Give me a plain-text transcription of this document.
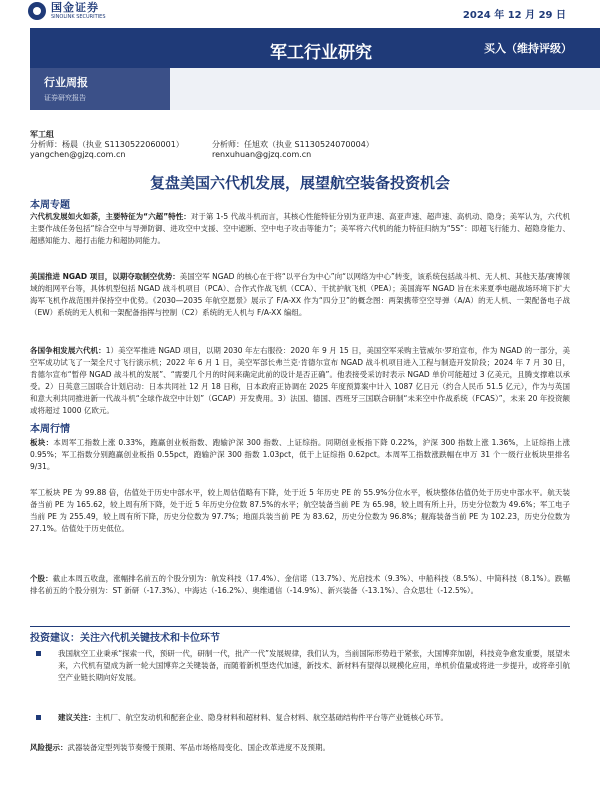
国金证券
SINOLINK SECURITIES	2024 年 12 月 29 日
军工行业研究	买入（维持评级）
行业周报
证券研究报告
军工组
分析师：杨晨（执业 S1130522060001）
yangchen@gjzq.com.cn
分析师：任旭欢（执业 S1130524070004）
renxuhuan@gjzq.com.cn
复盘美国六代机发展，展望航空装备投资机会
本周专题

六代机发展如火如荼，主要特征为“六超”特性：对于第 1-5 代战斗机而言，其核心性能特征分别为亚声速、高亚声速、超声速、高机动、隐身；美军认为，六代机主要作战任务包括“综合空中与导弹防御、进攻空中支援、空中遮断、空中电子攻击等能力”；美军将六代机的能力特征归纳为“5S”：即超飞行能力、超隐身能力、超感知能力、超打击能力和超协同能力。

美国推进 NGAD 项目，以期夺取制空优势：美国空军 NGAD 的核心在于将“以平台为中心”向“以网络为中心”转变，该系统包括战斗机、无人机、其他天基/赛博领域的组网平台等，具体机型包括 NGAD 战斗机项目（PCA）、合作式作战飞机（CCA）、干扰护航飞机（PEA）；美国海军 NGAD 旨在未来夏季电磁战场环境下扩大海军飞机作战范围并保持空中优势。《2030—2035 年航空愿景》展示了 F/A-XX 作为“四分卫”的概念图：两架携带空空导弹（A/A）的无人机、一架配备电子战（EW）系统的无人机和一架配备指挥与控制（C2）系统的无人机与 F/A-XX 编组。

各国争相发展六代机：1）美空军推进 NGAD 项目，以期 2030 年左右服役：2020 年 9 月 15 日，美国空军采购主管威尔·罗珀宣布，作为 NGAD 的一部分，美空军成功试飞了一架全尺寸飞行演示机；2022 年 6 月 1 日，美空军部长弗兰克·肯德尔宣布 NGAD 战斗机项目进入工程与制造开发阶段；2024 年 7 月 30 日，肯德尔宣布“暂停 NGAD 战斗机的发展”、“需要几个月的时间来确定此前的设计是否正确”。他表接受采访时表示 NGAD 单价可能超过 3 亿美元，且腾支撑难以承受。2）日英意三国联合计划启动：日本共同社 12 月 18 日称，日本政府正协调在 2025 年度预算案中计入 1087 亿日元（约合人民币 51.5 亿元），作为与英国和意大利共同推进新一代战斗机“全球作战空中计划”（GCAP）开发费用。3）法国、德国、西班牙三国联合研制“未来空中作战系统（FCAS）”，未来 20 年投资额或将超过 1000 亿欧元。

本周行情

板块：本周军工指数上涨 0.33%，跑赢创业板指数、跑输沪深 300 指数、上证综指。同期创业板指下降 0.22%，沪深 300 指数上涨 1.36%，上证综指上涨 0.95%；军工指数分别跑赢创业板指 0.55pct，跑输沪深 300 指数 1.03pct，低于上证综指 0.62pct。本周军工指数涨跌幅在申万 31 个一级行业板块里排名 9/31。

军工板块 PE 为 99.88 倍，估值处于历史中部水平，较上周估值略有下降，处于近 5 年历史 PE 的 55.9%分位水平，板块整体估值仍处于历史中部水平。航天装备当前 PE 为 165.62，较上周有所下降，处于近 5 年历史分位数 87.5%的水平；航空装备当前 PE 为 65.98，较上周有所上升，历史分位数为 49.6%；军工电子当前 PE 为 255.49，较上周有所下降，历史分位数为 97.7%；地面兵装当前 PE 为 83.62，历史分位数为 96.8%；舰海装备当前 PE 为 102.23，历史分位数为 27.1%。估值处于历史低位。

个股：截止本周五收盘，涨幅排名前五的个股分别为：航发科技（17.4%）、金信诺（13.7%）、光启技术（9.3%）、中船科技（8.5%）、中简科技（8.1%）。跌幅排名前五的个股分别为：ST 新研（-17.3%）、中海达（-16.2%）、奥维通信（-14.9%）、新兴装备（-13.1%）、合众思壮（-12.5%）。

投资建议：关注六代机关键技术和卡位环节
我国航空工业秉承“探索一代，预研一代，研制一代，批产一代”发展规律，我们认为，当前国际形势趋于紧张，大国博弈加剧，科技竞争愈发重要，展望未来，六代机有望成为新一轮大国博弈之关键装备，而随着新机型迭代加速，新技术、新材料有望得以规模化应用，单机价值量或将进一步提升，或将牵引航空产业链长期向好发展。
建议关注：主机厂、航空发动机和配套企业、隐身材料和超材料、复合材料、航空基础结构件平台等产业链核心环节。
风险提示：武器装备定型列装节奏慢于预期、军品市场格局变化、国企改革进度不及预期。
